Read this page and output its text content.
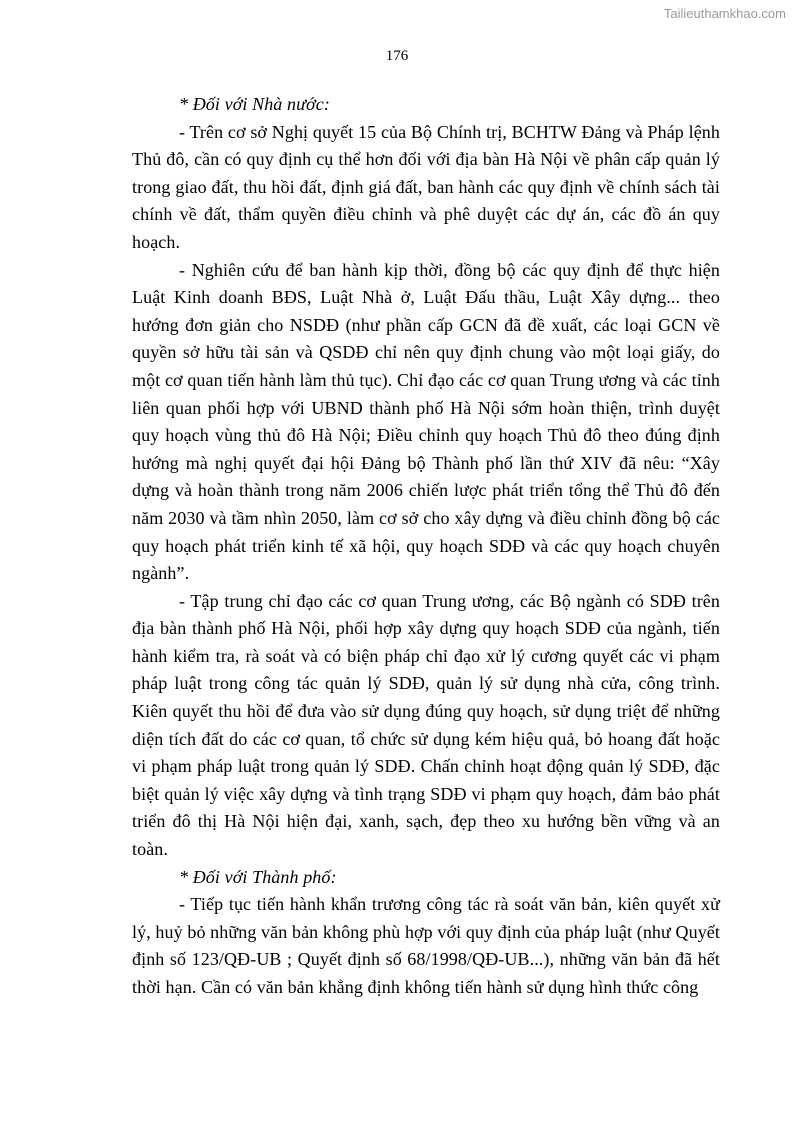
Tailieuthamkhao.com
176

* Đối với Nhà nước:

- Trên cơ sở Nghị quyết 15 của Bộ Chính trị, BCHTW Đảng và Pháp lệnh Thủ đô, cần có quy định cụ thể hơn đối với địa bàn Hà Nội về phân cấp quản lý trong giao đất, thu hồi đất, định giá đất, ban hành các quy định về chính sách tài chính về đất, thẩm quyền điều chỉnh và phê duyệt các dự án, các đồ án quy hoạch.

- Nghiên cứu để ban hành kịp thời, đồng bộ các quy định để thực hiện Luật Kinh doanh BĐS, Luật Nhà ở, Luật Đấu thầu, Luật Xây dựng... theo hướng đơn giản cho NSDĐ (như phần cấp GCN đã đề xuất, các loại GCN về quyền sở hữu tài sản và QSDĐ chỉ nên quy định chung vào một loại giấy, do một cơ quan tiến hành làm thủ tục). Chỉ đạo các cơ quan Trung ương và các tỉnh liên quan phối hợp với UBND thành phố Hà Nội sớm hoàn thiện, trình duyệt quy hoạch vùng thủ đô Hà Nội; Điều chỉnh quy hoạch Thủ đô theo đúng định hướng mà nghị quyết đại hội Đảng bộ Thành phố lần thứ XIV đã nêu: “Xây dựng và hoàn thành trong năm 2006 chiến lược phát triển tổng thể Thủ đô đến năm 2030 và tầm nhìn 2050, làm cơ sở cho xây dựng và điều chỉnh đồng bộ các quy hoạch phát triển kinh tế xã hội, quy hoạch SDĐ và các quy hoạch chuyên ngành”.

- Tập trung chỉ đạo các cơ quan Trung ương, các Bộ ngành có SDĐ trên địa bàn thành phố Hà Nội, phối hợp xây dựng quy hoạch SDĐ của ngành, tiến hành kiểm tra, rà soát và có biện pháp chỉ đạo xử lý cương quyết các vi phạm pháp luật trong công tác quản lý SDĐ, quản lý sử dụng nhà cửa, công trình. Kiên quyết thu hồi để đưa vào sử dụng đúng quy hoạch, sử dụng triệt để những diện tích đất do các cơ quan, tổ chức sử dụng kém hiệu quả, bỏ hoang đất hoặc vi phạm pháp luật trong quản lý SDĐ. Chấn chỉnh hoạt động quản lý SDĐ, đặc biệt quản lý việc xây dựng và tình trạng SDĐ vi phạm quy hoạch, đảm bảo phát triển đô thị Hà Nội hiện đại, xanh, sạch, đẹp theo xu hướng bền vững và an toàn.

* Đối với Thành phố:

- Tiếp tục tiến hành khẩn trương công tác rà soát văn bản, kiên quyết xử lý, huỷ bỏ những văn bản không phù hợp với quy định của pháp luật (như Quyết định số 123/QĐ-UB ; Quyết định số 68/1998/QĐ-UB...), những văn bản đã hết thời hạn. Cần có văn bản khẳng định không tiến hành sử dụng hình thức công
